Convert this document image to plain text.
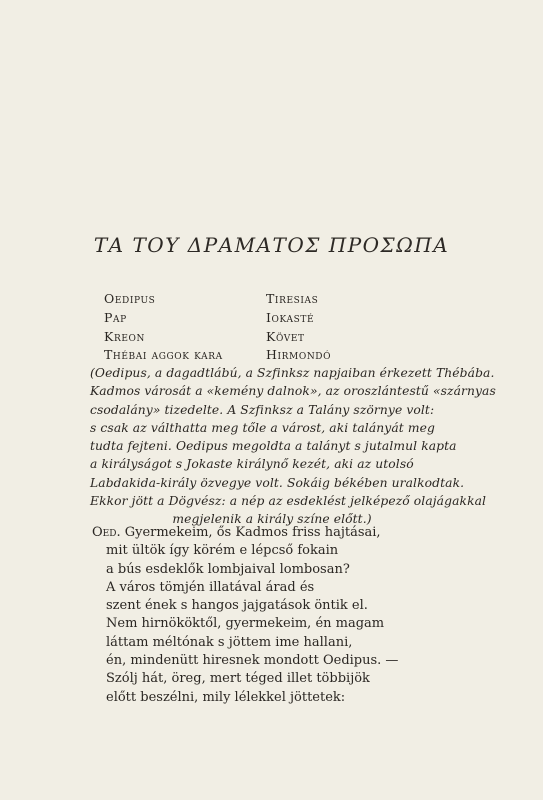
ΤΑ ΤΟΥ ΔΡΑΜΑΤΟΣ ΠΡΟΣΩΠΑ
Oedipus
Pap
Kreon
Thébai aggok kara
Tiresias
Iokasté
Követ
Hirmondó
(Oedipus, a dagadtlábú, a Szfinksz napjaiban érkezett Thébába.
Kadmos városát a «kemény dalnok», az oroszlántestű «szárnyas
csodalány» tizedelte. A Szfinksz a Talány szörnye volt:
s csak az válthatta meg tőle a várost, aki talányát meg
tudta fejteni. Oedipus megoldta a talányt s jutalmul kapta
a királyságot s Jokaste királynő kezét, aki az utolsó
Labdakida-király özvegye volt. Sokáig békében uralkodtak.
Ekkor jött a Dögvész: a nép az esdeklést jelképező olajágakkal
megjelenik a király színe előtt.)
Oed. Gyermekeim, ős Kadmos friss hajtásai,
mit ültök így körém e lépcső fokain
a bús esdeklők lombjaival lombosan?
A város tömjén illatával árad és
szent ének s hangos jajgatások öntik el.
Nem hirnököktől, gyermekeim, én magam
láttam méltónak s jöttem ime hallani,
én, mindenütt hiresnek mondott Oedipus. —
Szólj hát, öreg, mert téged illet többijök
előtt beszélni, mily lélekkel jöttetek:
